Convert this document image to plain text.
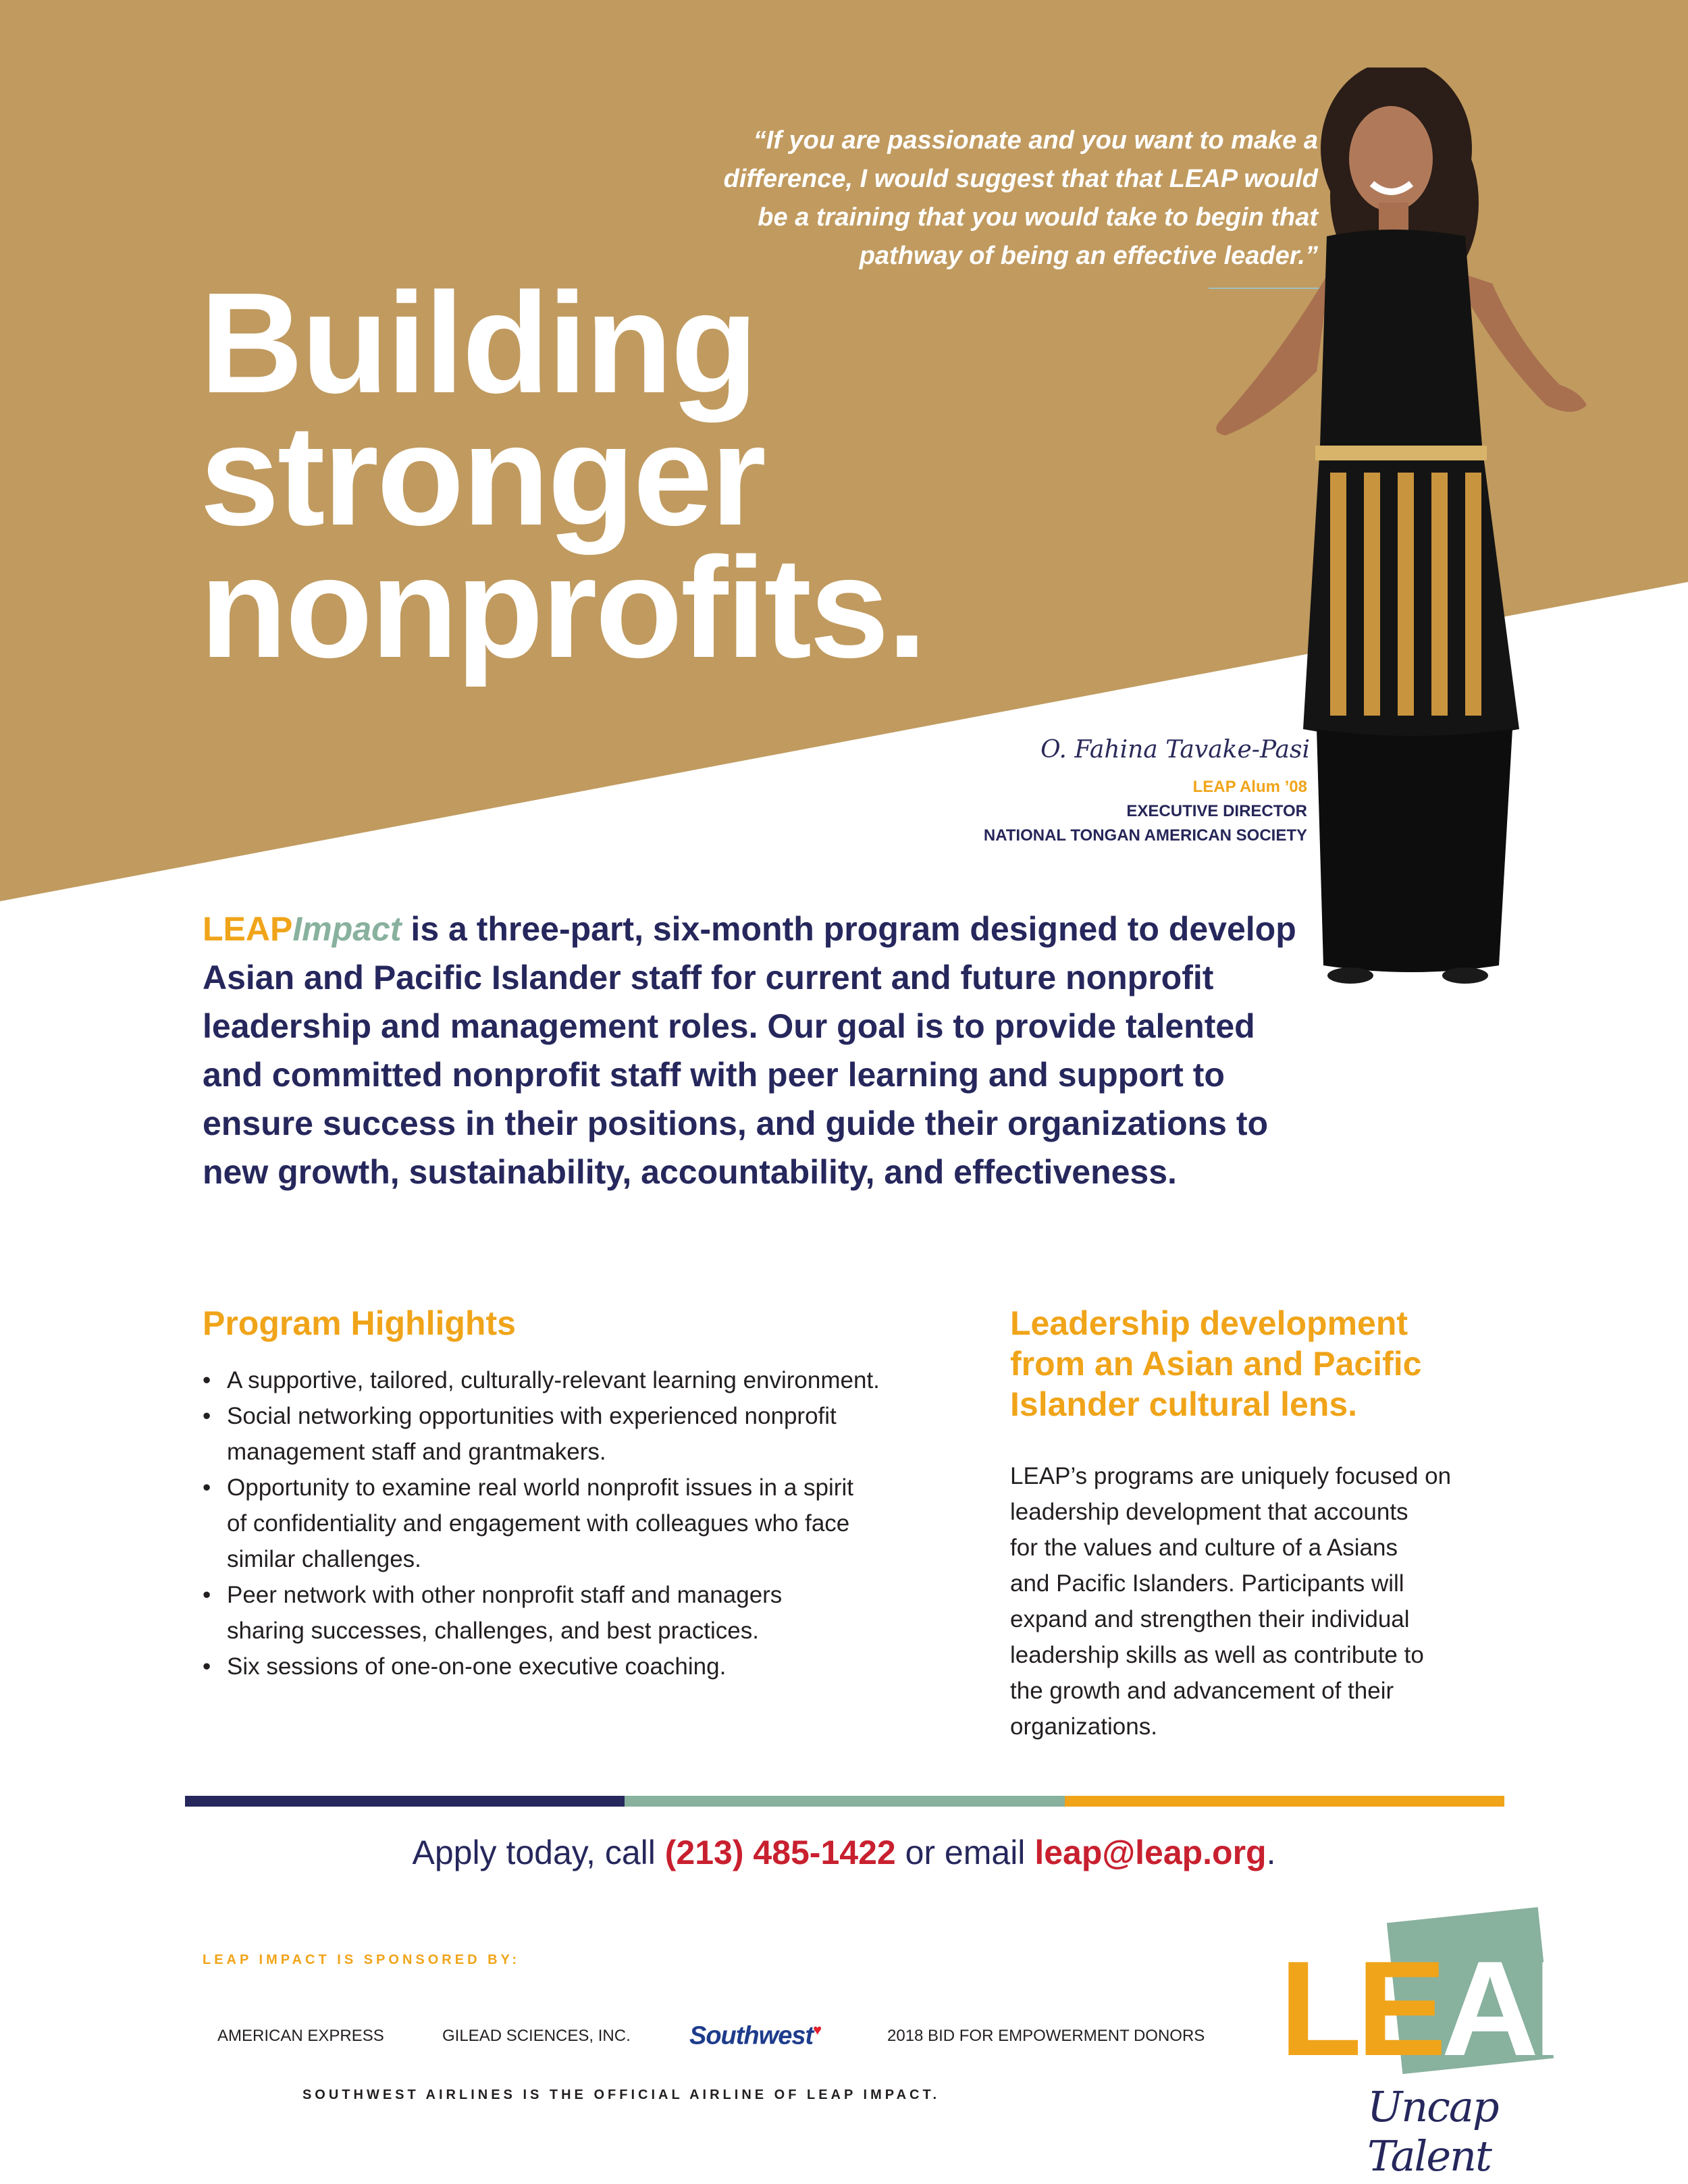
“If you are passionate and you want to make a
difference, I would suggest that that LEAP would
be a training that you would take to begin that
pathway of being an effective leader.”
Building
stronger
nonprofits.
O. Fahina Tavake-Pasi
LEAP Alum ’08
EXECUTIVE DIRECTOR
NATIONAL TONGAN AMERICAN SOCIETY

LEAPImpact is a three-part, six-month program designed to develop Asian and Pacific Islander staff for current and future nonprofit leadership and management roles. Our goal is to provide talented and committed nonprofit staff with peer learning and support to ensure success in their positions, and guide their organizations to new growth, sustainability, accountability, and effectiveness.

Program Highlights
• A supportive, tailored, culturally-relevant learning environment.
• Social networking opportunities with experienced nonprofit
management staff and grantmakers.
• Opportunity to examine real world nonprofit issues in a spirit
of confidentiality and engagement with colleagues who face
similar challenges.
• Peer network with other nonprofit staff and managers
sharing successes, challenges, and best practices.
• Six sessions of one-on-one executive coaching.
Leadership development
from an Asian and Pacific
Islander cultural lens.
LEAP’s programs are uniquely focused on
leadership development that accounts
for the values and culture of a Asians
and Pacific Islanders. Participants will
expand and strengthen their individual
leadership skills as well as contribute to
the growth and advancement of their
organizations.
Apply today, call (213) 485-1422 or email leap@leap.org.
LEAP IMPACT IS SPONSORED BY:
AMERICAN EXPRESS	GILEAD SCIENCES, INC. Southwest♥	2018 BID FOR EMPOWERMENT DONORS
SOUTHWEST AIRLINES IS THE OFFICIAL AIRLINE OF LEAP IMPACT.
LEAP
Uncap Talent
